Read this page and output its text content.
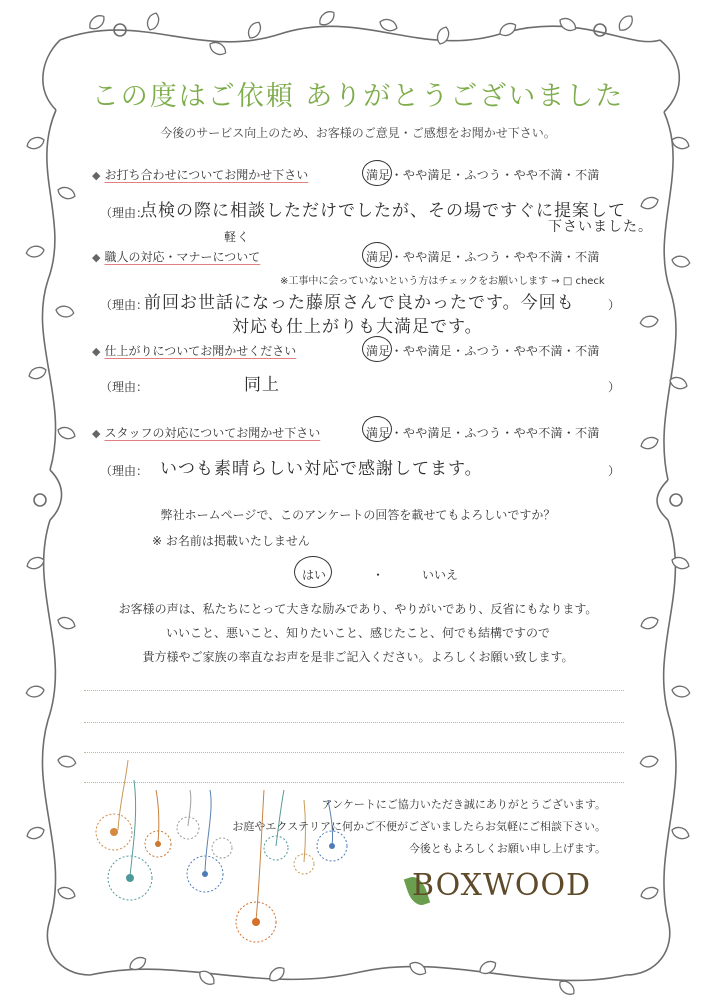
この度はご依頼 ありがとうございました
今後のサービス向上のため、お客様のご意見・ご感想をお聞かせ下さい。
◆ お打ち合わせについてお聞かせ下さい	満足・やや満足・ふつう・やや不満・不満
（理由：
点検の際に相談しただけでしたが、その場ですぐに提案して
下さいました。
軽く
◆ 職人の対応・マナーについて	満足・やや満足・ふつう・やや不満・不満
※工事中に会っていないという方はチェックをお願いします → □ check
（理由：	）
前回お世話になった藤原さんで良かったです。今回も
対応も仕上がりも大満足です。
◆ 仕上がりについてお聞かせください	満足・やや満足・ふつう・やや不満・不満
（理由：	）
同上
◆ スタッフの対応についてお聞かせ下さい	満足・やや満足・ふつう・やや不満・不満
（理由：	）
いつも素晴らしい対応で感謝してます。
弊社ホームページで、このアンケートの回答を載せてもよろしいですか？
※ お名前は掲載いたしません
はい	・	いいえ
お客様の声は、私たちにとって大きな励みであり、やりがいであり、反省にもなります。
いいこと、悪いこと、知りたいこと、感じたこと、何でも結構ですので
貴方様やご家族の率直なお声を是非ご記入ください。よろしくお願い致します。
アンケートにご協力いただき誠にありがとうございます。
お庭やエクステリアに何かご不便がございましたらお気軽にご相談下さい。
今後ともよろしくお願い申し上げます。
BOXWOOD
